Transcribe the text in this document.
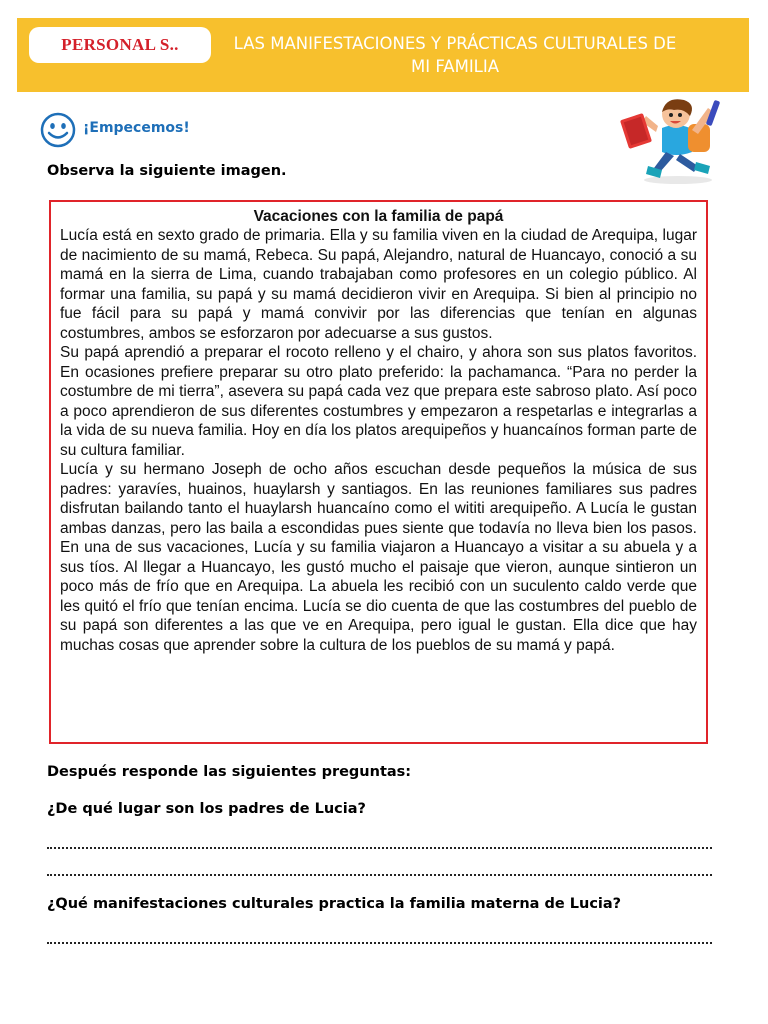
PERSONAL S..	LAS MANIFESTACIONES Y PRÁCTICAS CULTURALES DE
MI FAMILIA
¡Empecemos!
Observa la siguiente imagen.
Vacaciones con la familia de papá

Lucía está en sexto grado de primaria. Ella y su familia viven en la ciudad de Arequipa, lugar de nacimiento de su mamá, Rebeca. Su papá, Alejandro, natural de Huancayo, conoció a su mamá en la sierra de Lima, cuando trabajaban como profesores en un colegio público. Al formar una familia, su papá y su mamá decidieron vivir en Arequipa. Si bien al principio no fue fácil para su papá y mamá convivir por las diferencias que tenían en algunas costumbres, ambos se esforzaron por adecuarse a sus gustos.

Su papá aprendió a preparar el rocoto relleno y el chairo, y ahora son sus platos favoritos. En ocasiones prefiere preparar su otro plato preferido: la pachamanca. “Para no perder la costumbre de mi tierra”, asevera su papá cada vez que prepara este sabroso plato. Así poco a poco aprendieron de sus diferentes costumbres y empezaron a respetarlas e integrarlas a la vida de su nueva familia. Hoy en día los platos arequipeños y huancaínos forman parte de su cultura familiar.

Lucía y su hermano Joseph de ocho años escuchan desde pequeños la música de sus padres: yaravíes, huainos, huaylarsh y santiagos. En las reuniones familiares sus padres disfrutan bailando tanto el huaylarsh huancaíno como el wititi arequipeño. A Lucía le gustan ambas danzas, pero las baila a escondidas pues siente que todavía no lleva bien los pasos. En una de sus vacaciones, Lucía y su familia viajaron a Huancayo a visitar a su abuela y a sus tíos. Al llegar a Huancayo, les gustó mucho el paisaje que vieron, aunque sintieron un poco más de frío que en Arequipa. La abuela les recibió con un suculento caldo verde que les quitó el frío que tenían encima. Lucía se dio cuenta de que las costumbres del pueblo de su papá son diferentes a las que ve en Arequipa, pero igual le gustan. Ella dice que hay muchas cosas que aprender sobre la cultura de los pueblos de su mamá y papá.

Después responde las siguientes preguntas:
¿De qué lugar son los padres de Lucia?
¿Qué manifestaciones culturales practica la familia materna de Lucia?
